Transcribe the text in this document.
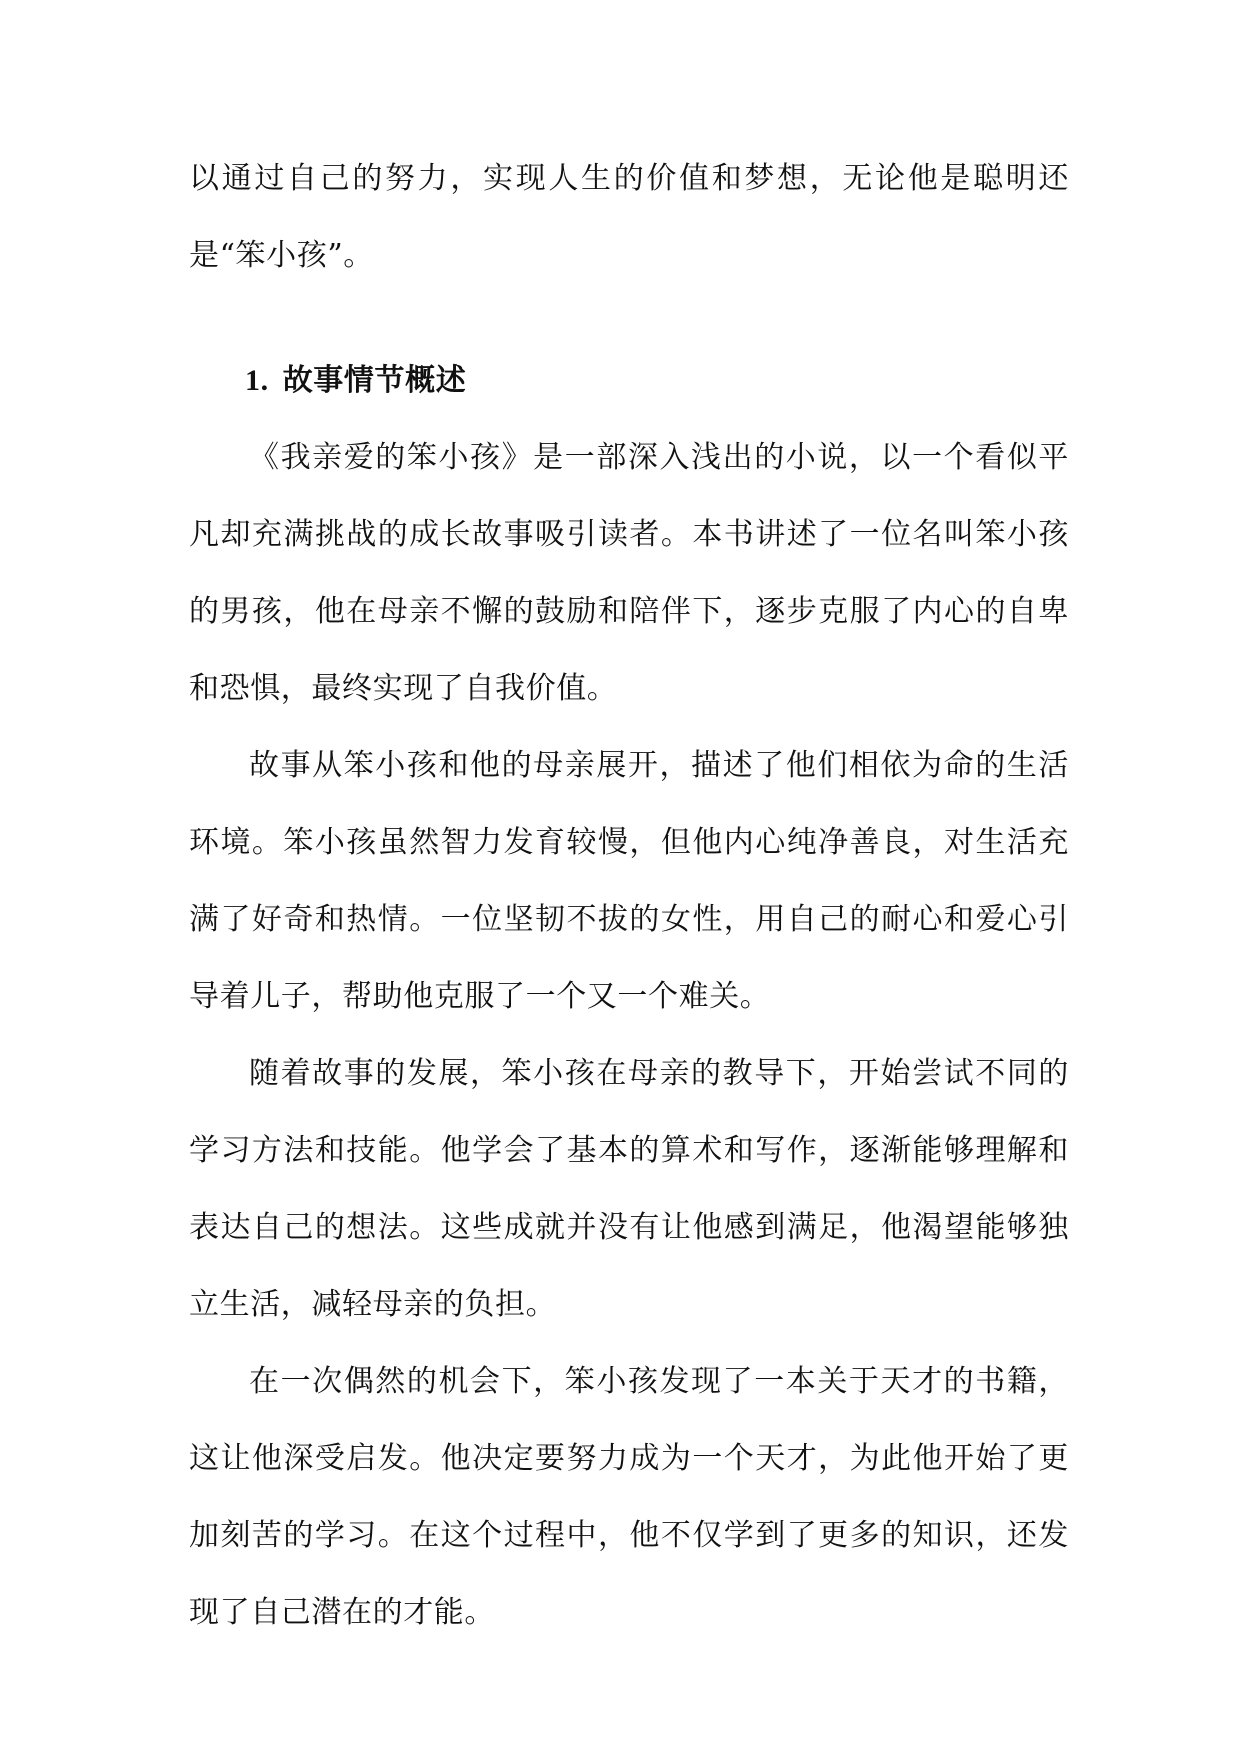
以通过自己的努力，实现人生的价值和梦想，无论他是聪明还是“笨小孩”。

1. 故事情节概述

《我亲爱的笨小孩》是一部深入浅出的小说，以一个看似平凡却充满挑战的成长故事吸引读者。本书讲述了一位名叫笨小孩的男孩，他在母亲不懈的鼓励和陪伴下，逐步克服了内心的自卑和恐惧，最终实现了自我价值。

故事从笨小孩和他的母亲展开，描述了他们相依为命的生活环境。笨小孩虽然智力发育较慢，但他内心纯净善良，对生活充满了好奇和热情。一位坚韧不拔的女性，用自己的耐心和爱心引导着儿子，帮助他克服了一个又一个难关。

随着故事的发展，笨小孩在母亲的教导下，开始尝试不同的学习方法和技能。他学会了基本的算术和写作，逐渐能够理解和表达自己的想法。这些成就并没有让他感到满足，他渴望能够独立生活，减轻母亲的负担。

在一次偶然的机会下，笨小孩发现了一本关于天才的书籍，这让他深受启发。他决定要努力成为一个天才，为此他开始了更加刻苦的学习。在这个过程中，他不仅学到了更多的知识，还发现了自己潜在的才能。
